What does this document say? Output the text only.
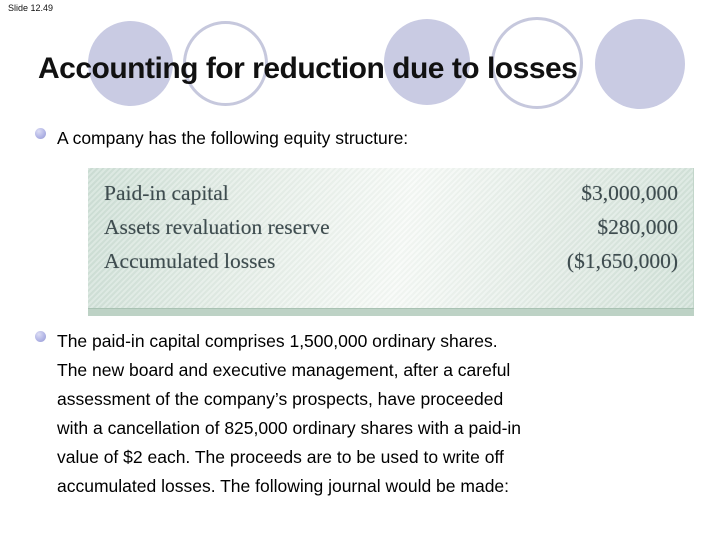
Slide 12.49
Accounting for reduction due to losses
A company has the following equity structure:
Paid-in capital	$3,000,000
Assets revaluation reserve	$280,000
Accumulated losses	($1,650,000)
The paid-in capital comprises 1,500,000 ordinary shares.
The new board and executive management, after a careful
assessment of the company’s prospects, have proceeded
with a cancellation of 825,000 ordinary shares with a paid-in
value of $2 each. The proceeds are to be used to write off
accumulated losses. The following journal would be made:
